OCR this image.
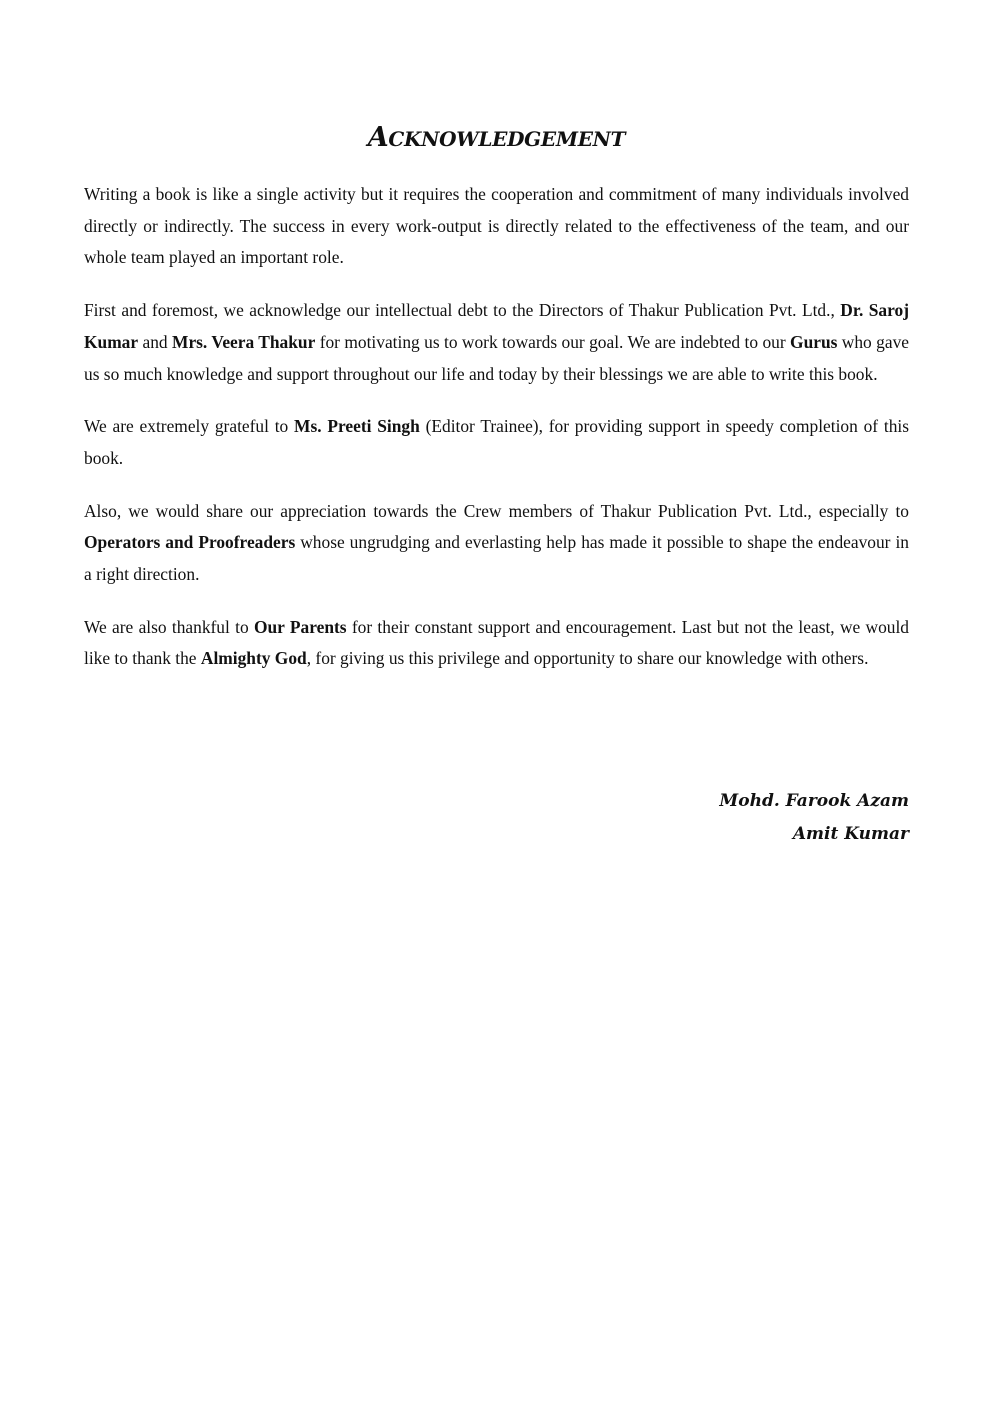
ACKNOWLEDGEMENT

Writing a book is like a single activity but it requires the cooperation and commitment of many individuals involved directly or indirectly. The success in every work-output is directly related to the effectiveness of the team, and our whole team played an important role.

First and foremost, we acknowledge our intellectual debt to the Directors of Thakur Publication Pvt. Ltd., Dr. Saroj Kumar and Mrs. Veera Thakur for motivating us to work towards our goal. We are indebted to our Gurus who gave us so much knowledge and support throughout our life and today by their blessings we are able to write this book.

We are extremely grateful to Ms. Preeti Singh (Editor Trainee), for providing support in speedy completion of this book.

Also, we would share our appreciation towards the Crew members of Thakur Publication Pvt. Ltd., especially to Operators and Proofreaders whose ungrudging and everlasting help has made it possible to shape the endeavour in a right direction.

We are also thankful to Our Parents for their constant support and encouragement. Last but not the least, we would like to thank the Almighty God, for giving us this privilege and opportunity to share our knowledge with others.

Mohd. Farook Azam
Amit Kumar
